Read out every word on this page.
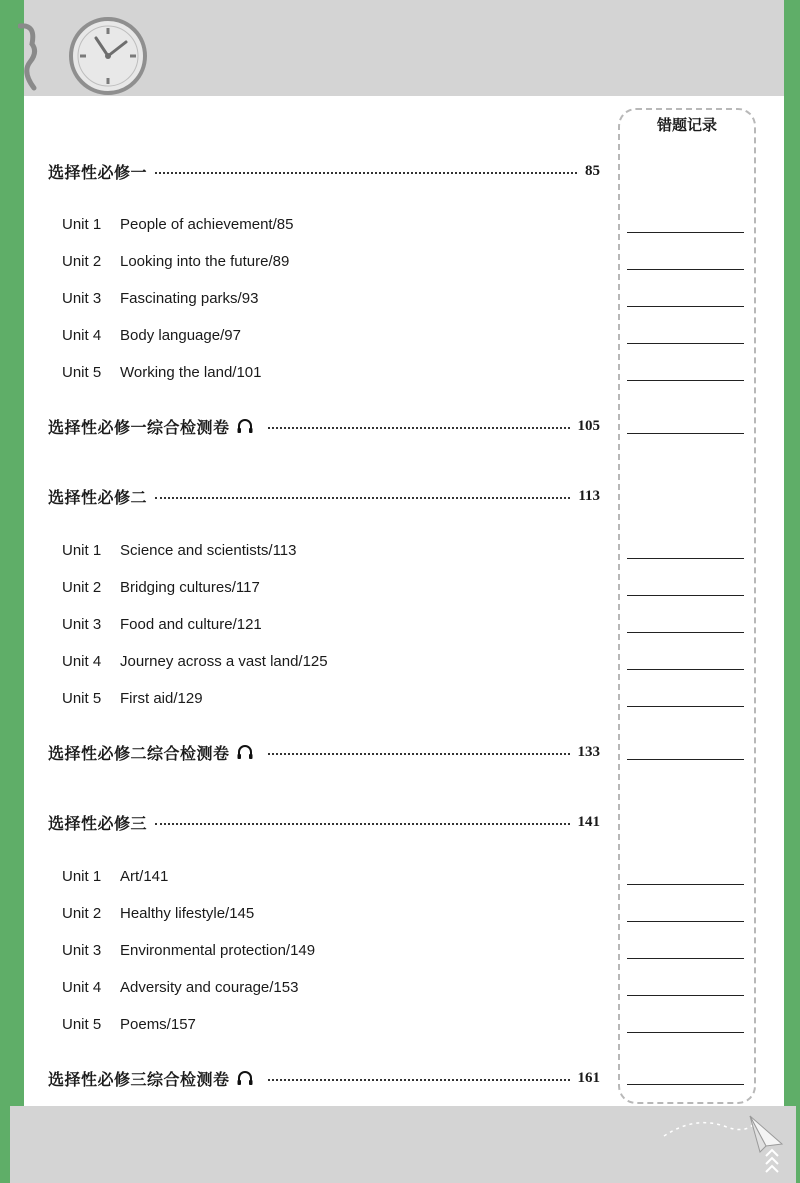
错题记录
选择性必修一	85
Unit 1	People of achievement/85
Unit 2	Looking into the future/89
Unit 3	Fascinating parks/93
Unit 4	Body language/97
Unit 5	Working the land/101
选择性必修一综合检测卷	105
选择性必修二	113
Unit 1	Science and scientists/113
Unit 2	Bridging cultures/117
Unit 3	Food and culture/121
Unit 4	Journey across a vast land/125
Unit 5	First aid/129
选择性必修二综合检测卷	133
选择性必修三	141
Unit 1	Art/141
Unit 2	Healthy lifestyle/145
Unit 3	Environmental protection/149
Unit 4	Adversity and courage/153
Unit 5	Poems/157
选择性必修三综合检测卷	161
